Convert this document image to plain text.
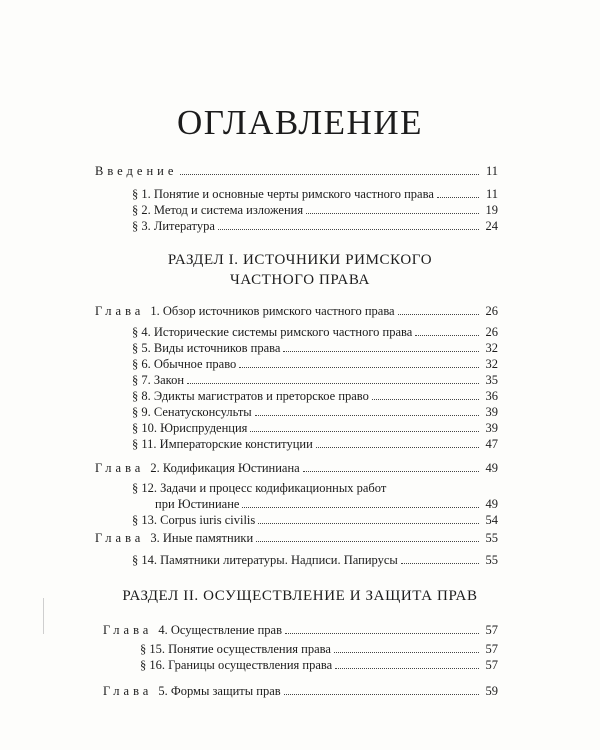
ОГЛАВЛЕНИЕ
Введение	11
§ 1. Понятие и основные черты римского частного права	11
§ 2. Метод и система изложения	19
§ 3. Литература	24
РАЗДЕЛ I. ИСТОЧНИКИ РИМСКОГО
ЧАСТНОГО ПРАВА
Глава 1. Обзор источников римского частного права	26
§ 4. Исторические системы римского частного права	26
§ 5. Виды источников права	32
§ 6. Обычное право	32
§ 7. Закон	35
§ 8. Эдикты магистратов и преторское право	36
§ 9. Сенатусконсульты	39
§ 10. Юриспруденция	39
§ 11. Императорские конституции	47
Глава 2. Кодификация Юстиниана	49
§ 12. Задачи и процесс кодификационных работ
при Юстиниане	49
§ 13. Corpus iuris civilis	54
Глава 3. Иные памятники	55
§ 14. Памятники литературы. Надписи. Папирусы	55
РАЗДЕЛ II. ОСУЩЕСТВЛЕНИЕ И ЗАЩИТА ПРАВ
Глава 4. Осуществление прав	57
§ 15. Понятие осуществления права	57
§ 16. Границы осуществления права	57
Глава 5. Формы защиты прав	59
